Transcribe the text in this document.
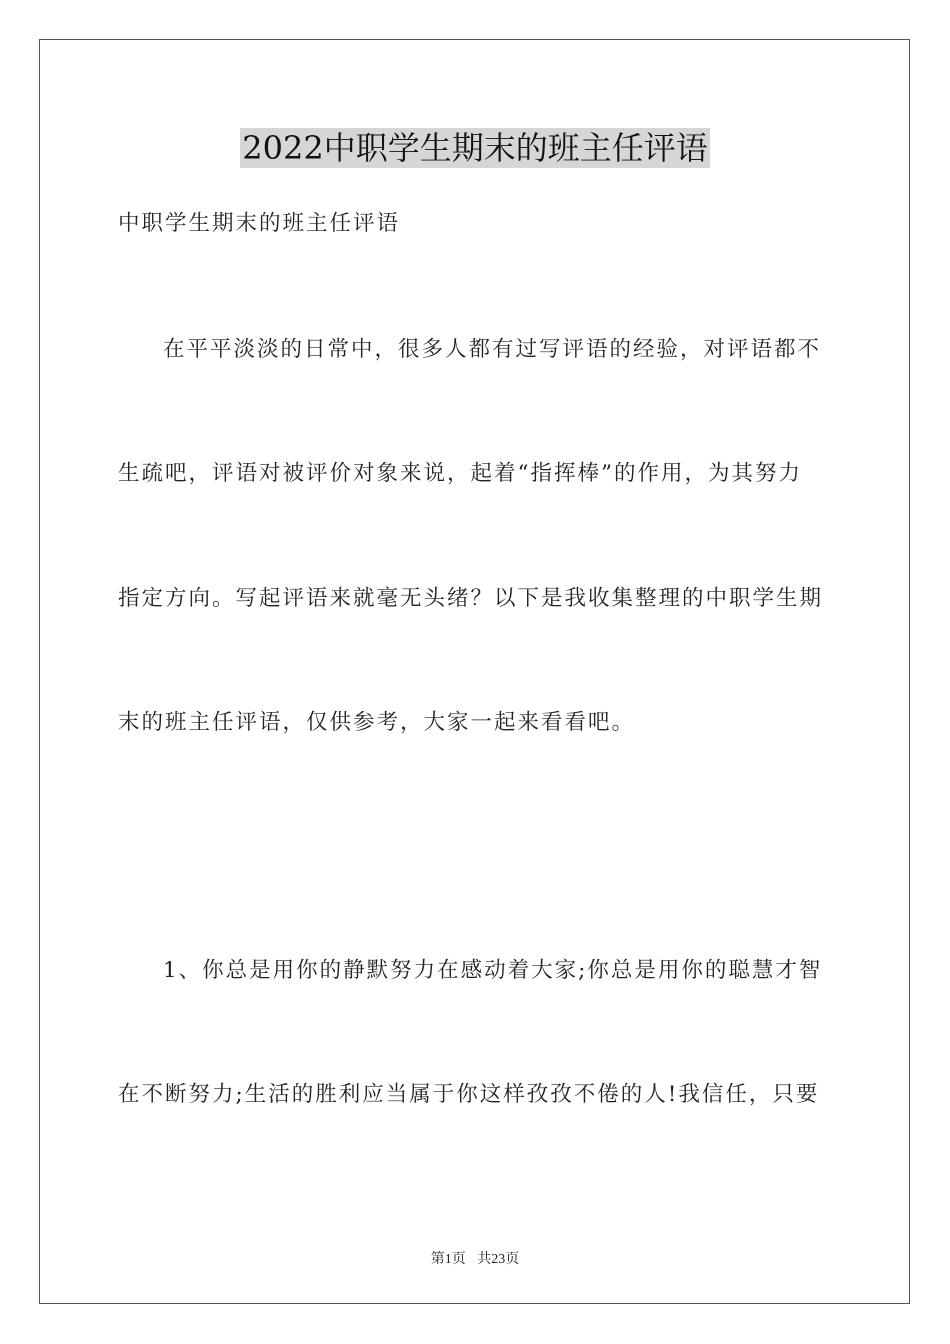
2022中职学生期末的班主任评语
中职学生期末的班主任评语
在平平淡淡的日常中，很多人都有过写评语的经验，对评语都不
生疏吧，评语对被评价对象来说，起着“指挥棒”的作用，为其努力
指定方向。写起评语来就毫无头绪？以下是我收集整理的中职学生期
末的班主任评语，仅供参考，大家一起来看看吧。
1、你总是用你的静默努力在感动着大家;你总是用你的聪慧才智
在不断努力;生活的胜利应当属于你这样孜孜不倦的人!我信任，只要
第1页 共23页
